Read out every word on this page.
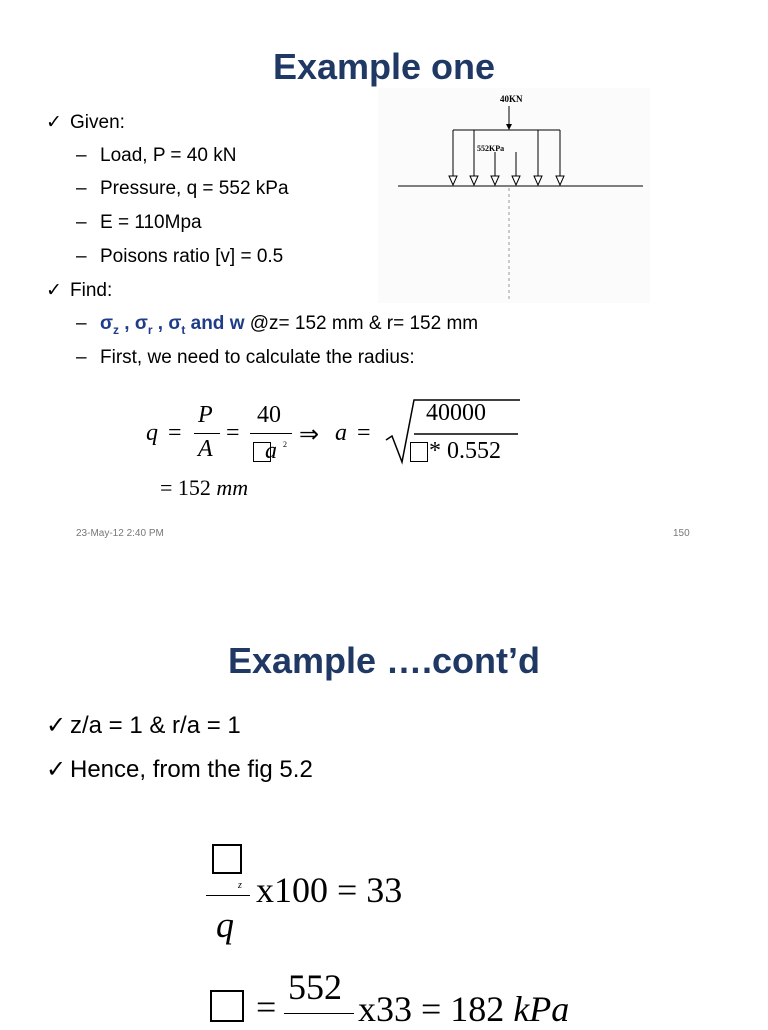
Example one
✓ Given:
– Load, P = 40 kN
– Pressure, q = 552 kPa
– E = 110Mpa
– Poisons ratio [v] = 0.5
✓ Find:
– $\sigma_z$ , $\sigma_r$ , $\sigma_t$ and w @z= 152 mm & r= 152 mm
– First, we need to calculate the radius:
40KN
552KPa
q =
P
A
=
40
a 2 ⇒ a =
40000
* 0.552
= 152 mm
23-May-12 2:40 PM	150
Example ….cont’d
✓ z/a = 1 & r/a = 1
✓ Hence, from the fig 5.2
z
q
x100 = 33
= 552
x33 = 182 kPa
